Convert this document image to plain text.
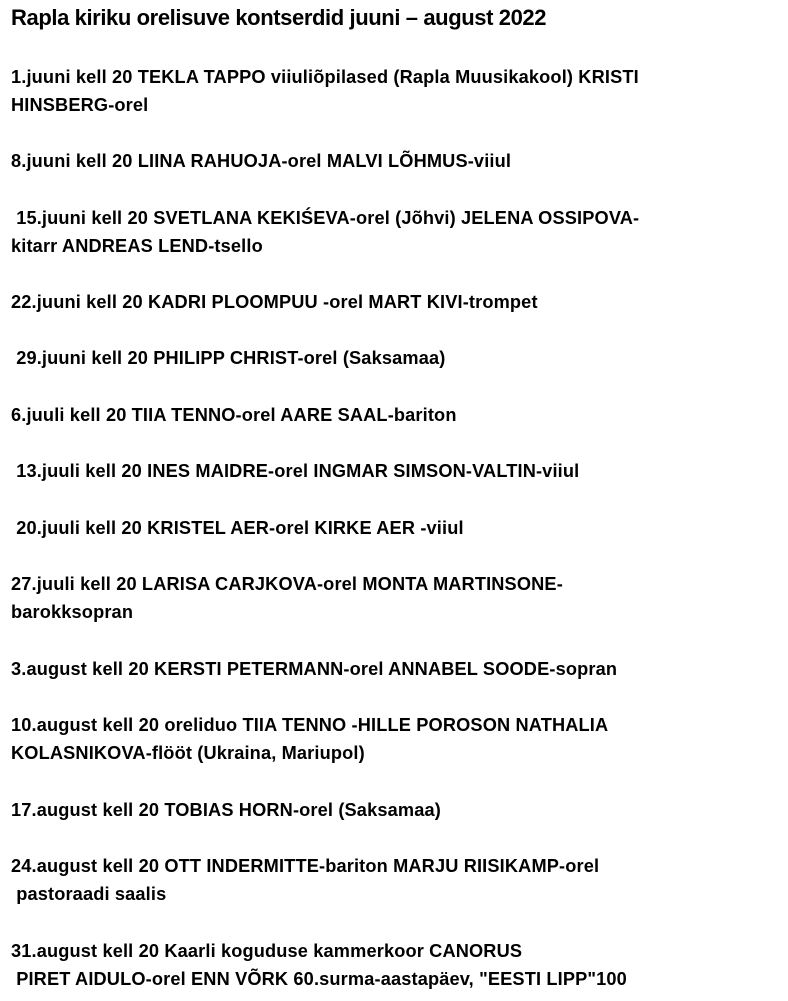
Rapla kiriku orelisuve kontserdid juuni – august 2022
1.juuni kell 20 TEKLA TAPPO viiuliõpilased (Rapla Muusikakool) KRISTI
HINSBERG-orel
8.juuni kell 20 LIINA RAHUOJA-orel MALVI LÕHMUS-viiul
15.juuni kell 20 SVETLANA KEKIŚEVA-orel (Jõhvi) JELENA OSSIPOVA-
kitarr ANDREAS LEND-tsello
22.juuni kell 20 KADRI PLOOMPUU -orel MART KIVI-trompet
29.juuni kell 20 PHILIPP CHRIST-orel (Saksamaa)
6.juuli kell 20 TIIA TENNO-orel AARE SAAL-bariton
13.juuli kell 20 INES MAIDRE-orel INGMAR SIMSON-VALTIN-viiul
20.juuli kell 20 KRISTEL AER-orel KIRKE AER -viiul
27.juuli kell 20 LARISA CARJKOVA-orel MONTA MARTINSONE-
barokksopran
3.august kell 20 KERSTI PETERMANN-orel ANNABEL SOODE-sopran
10.august kell 20 oreliduo TIIA TENNO -HILLE POROSON NATHALIA
KOLASNIKOVA-flööt (Ukraina, Mariupol)
17.august kell 20 TOBIAS HORN-orel (Saksamaa)
24.august kell 20 OTT INDERMITTE-bariton MARJU RIISIKAMP-orel
pastoraadi saalis
31.august kell 20 Kaarli koguduse kammerkoor CANORUS
PIRET AIDULO-orel ENN VÕRK 60.surma-aastapäev, "EESTI LIPP"100
